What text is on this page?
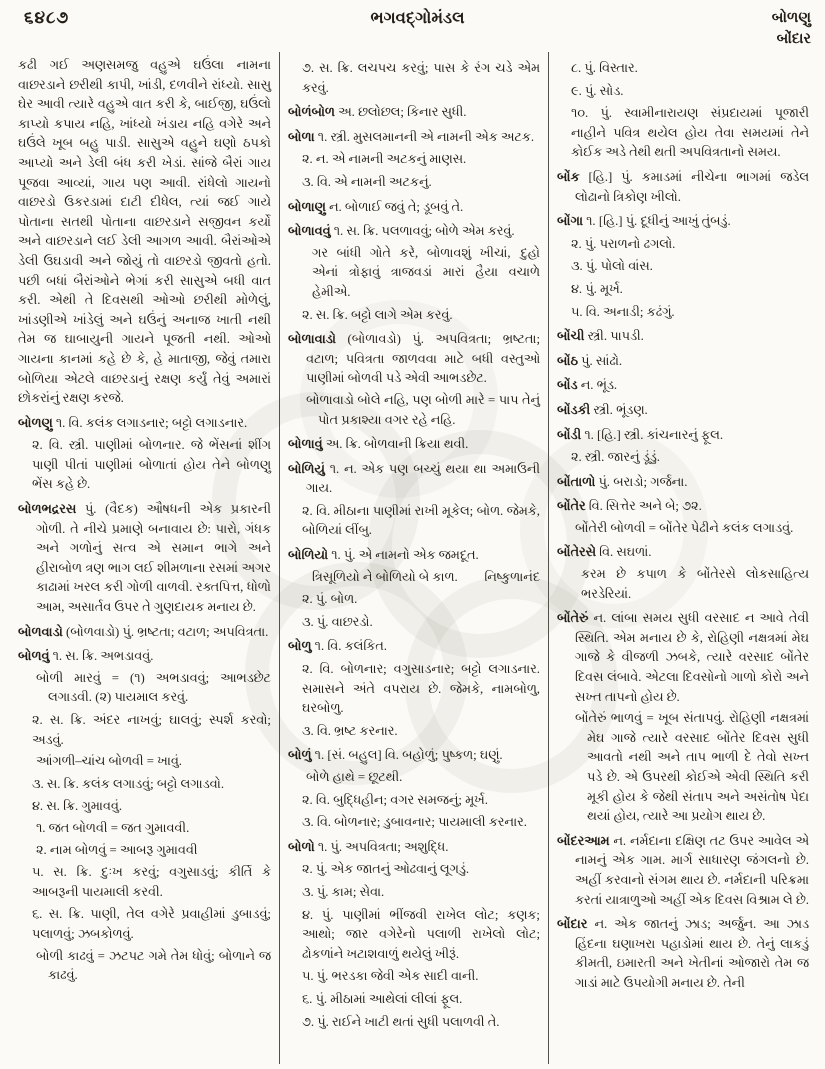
૬૪૮૭	ભગવદ્ગોમંડલ	બોળણુ
બોંદાર

કઢી ગઈ અણસમજુ વહુએ ઘઉંલા નામના વાછરડાને છરીથી કાપી, ખાંડી, દળવીને રાંધ્યો. સાસુ ઘેર આવી ત્યારે વહુએ વાત કરી કે, બાઈજી, ઘઉંલો કાપ્યો કપાય નહિ, ખાંધ્યો ખંડાય નહિ વગેરે અને ઘઉંલે ખૂબ બહુ પાડી. સાસુએ વહુને ઘણો ઠપકો આપ્યો અને ડેલી બંધ કરી ખેડાં. સાંજે બૈરાં ગાય પૂજવા આવ્યાં, ગાય પણ આવી. રાંધેલો ગાયનો વાછરડો ઉકરડામાં દાટી દીધેલ, ત્યાં જઈ ગાયે પોતાના સતથી પોતાના વાછરડાને સજીવન કર્યો અને વાછરડાને લઈ ડેલી આગળ આવી. બૈરાંઓએ ડેલી ઉઘડાવી અને જોયું તો વાછરડો જીવતો હતો. પછી બધાં બૈરાંઓને ભેગાં કરી સાસુએ બધી વાત કરી. એથી તે દિવસથી ઓઓ છરીથી મોળેલું, ખાંડણીએ ખાંડેલું અને ઘઉંનું અનાજ ખાતી નથી તેમ જ ઘાબાયુની ગાયને પૂજતી નથી. ઓઓ ગાયના કાનમાં કહે છે કે, હે માતાજી, જેવું તમારા બોળિયા એટલે વાછરડાનું રક્ષણ કર્યું તેવું અમારાં છોકરાંનું રક્ષણ કરજે.

બોળણુ ૧. વિ. કલંક લગાડનાર; બટ્ટો લગાડનાર.

૨. વિ. સ્ત્રી. પાણીમાં બોળનાર. જે ભેંસનાં શીંગ પાણી પીતાં પાણીમાં બોળાતાં હોય તેને બોળણુ ભેંસ કહે છે.

બોળભદ્રરસ પું. (વૈદક) ઔષધની એક પ્રકારની ગોળી. તે નીચે પ્રમાણે બનાવાય છે: પારો, ગંધક અને ગળોનું સત્વ એ સમાન ભાગે અને હીરાબોળ ત્રણ ભાગ લઈ શીમળાના રસમાં અગર કાઢામાં ખરલ કરી ગોળી વાળવી. રક્તપિત્ત, ધોળો આમ, અસાર્તવ ઉપર તે ગુણદાયક મનાય છે.

બોળવાડો (બોળવાડો) પું. ભ્રષ્ટતા; વટાળ; અપવિત્રતા.

બોળવું ૧. સ. ક્રિ. અભડાવવું.

બોળી મારવું = (૧) અભડાવવું; આભડછેટ લગાડવી. (૨) પાયમાલ કરવું.

૨. સ. ક્રિ. અંદર નાખવું; ઘાલવું; સ્પર્શ કરવો; અડવું.

આંગળી–ચાંચ બોળવી = ખાવું.

૩. સ. ક્રિ. કલંક લગાડવું; બટ્ટો લગાડવો.

૪. સ. ક્રિ. ગુમાવવું.

૧. જત બોળવી = જત ગુમાવવી.

૨. નામ બોળવું = આબરૂ ગુમાવવી

૫. સ. ક્રિ. દુઃખ કરવું; વગુસાડવું; કીર્તિ કે આબરૂની પાયમાલી કરવી.

૬. સ. ક્રિ. પાણી, તેલ વગેરે પ્રવાહીમાં ડુબાડવું; પલાળવું; ઝબકોળવું.

બોળી કાઢવું = ઝટપટ ગમે તેમ ધોવું; બોળાને જ કાઢવું.

૭. સ. ક્રિ. લચપચ કરવું; પાસ કે રંગ ચડે એમ કરવું.

બોળંબોળ અ. છલોછલ; કિનાર સુધી.

બોળા ૧. સ્ત્રી. મુસલમાનની એ નામની એક અટક.

૨. ન. એ નામની અટકનું માણસ.

૩. વિ. એ નામની અટકનું.

બોળાણુ ન. બોળાઈ જવું તે; ડૂબવું તે.

બોળાવવું ૧. સ. ક્રિ. પલળાવવું; બોળે એમ કરવું.

દુહો
ગર બાંધી ગોતે કરે, બોળાવશું ખીચાં, એનાં ત્રોફાવું ત્રાજવડાં મારાં હૈયા વચાળે હેમીએ.

૨. સ. ક્રિ. બટ્ટો લાગે એમ કરવું.

બોળાવાડો (બોળાવડો) પું. અપવિત્રતા; ભ્રષ્ટતા; વટાળ; પવિત્રતા જાળવવા માટે બધી વસ્તુઓ પાણીમાં બોળવી પડે એવી આભડછેટ.

બોળાવાડો બોલે નહિ, પણ બોળી મારે = પાપ તેનું પોત પ્રકાશ્યા વગર રહે નહિ.

બોળાવું અ. ક્રિ. બોળવાની ક્રિયા થવી.

બોળિયું ૧. ન. એક પણ બચ્ચું થયા થા અમાઉની ગાય.

૨. વિ. મીઠાના પાણીમાં રાખી મૂકેલ; બોળ. જેમકે, બોળિયાં લીંબુ.

બોળિયો ૧. પું. એ નામનો એક જમદૂત.

નિષ્કુળાનંદ
ત્રિસૂળિયો ને બોળિયો બે કાળ.

૨. પું. બોળ.

૩. પું. વાછરડો.

બોળુ ૧. વિ. કલંકિત.

૨. વિ. બોળનાર; વગુસાડનાર; બટ્ટો લગાડનાર. સમાસને અંતે વપરાય છે. જેમકે, નામબોળુ, ઘરબોળુ.

૩. વિ. ભ્રષ્ટ કરનાર.

બોળું ૧. [સં. બહુલ] વિ. બહોળું; પુષ્કળ; ઘણું.

બોળે હાથે = છૂટથી.

૨. વિ. બુદ્ધિહીન; વગર સમજનું; મૂર્ખ.

૩. વિ. બોળનાર; ડુબાવનાર; પાયમાલી કરનાર.

બોળો ૧. પું. અપવિત્રતા; અશુદ્ધિ.

૨. પું. એક જાતનું ઓઢવાનું લૂગડું.

૩. પું. કામ; સેવા.

૪. પું. પાણીમાં ભીંજવી રાખેલ લોટ; કણક; આથો; જાર વગેરેનો પલાળી રાખેલો લોટ; ઢોકળાંને ખટાશવાળું થયેલું ખીરૂં.

૫. પું. ભરડકા જેવી એક સાદી વાની.

૬. પું. મીઠામાં આથેલાં લીલાં ફૂલ.

૭. પું. રાઈને ખાટી થતાં સુધી પલાળવી તે.

૮. પું. વિસ્તાર.

૯. પું. સોડ.

૧૦. પું. સ્વામીનારાયણ સંપ્રદાયમાં પૂજારી નાહીને પવિત્ર થયેલ હોય તેવા સમયમાં તેને કોઈક અડે તેથી થતી અપવિત્રતાનો સમય.

બોંક [હિ.] પું. કમાડમાં નીચેના ભાગમાં જડેલ લોઢાનો ત્રિકોણ ખીલો.

બોંગા ૧. [હિ.] પું. દૂધીનું આખું તુંબડું.

૨. પું. પરાળનો ઢગલો.

૩. પું. પોલો વાંસ.

૪. પું. મૂર્ખ.

૫. વિ. અનાડી; કઢંગું.

બોંચી સ્ત્રી. પાપડી.

બોંઠ પું. સાંઢો.

બોંડ ન. ભૂંડ.

બોંડકી સ્ત્રી. ભૂંડણ.

બોંડી ૧. [હિ.] સ્ત્રી. કાંચનારનું ફૂલ.

૨. સ્ત્રી. જારનું ડૂંડું.

બોંતાળો પું. બરાડો; ગર્જના.

બોંતેર વિ. સિત્તેર અને બે; ૭૨.

બોંતેરી બોળવી = બોંતેર પેઢીને કલંક લગાડવું.

બોંતેરસે વિ. સઘળાં.

લોકસાહિત્ય
કરમ છે કપાળ કે બોંતેરસે ભરડેરિયાં.

બોંતેરું ન. લાંબા સમય સુધી વરસાદ ન આવે તેવી સ્થિતિ. એમ મનાય છે કે, રોહિણી નક્ષત્રમાં મેઘ ગાજે કે વીજળી ઝબકે, ત્યારે વરસાદ બોંતેર દિવસ લંબાવે. એટલા દિવસોનો ગાળો કોરો અને સખ્ત તાપનો હોય છે.

બોંતેરું ભાળવું = ખૂબ સંતાપવું. રોહિણી નક્ષત્રમાં મેઘ ગાજે ત્યારે વરસાદ બોંતેર દિવસ સુધી આવતો નથી અને તાપ ભાળી દે તેવો સખ્ત પડે છે. એ ઉપરથી કોઈએ એવી સ્થિતિ કરી મૂકી હોય કે જેથી સંતાપ અને અસંતોષ પેદા થયાં હોય, ત્યારે આ પ્રયોગ થાય છે.

બોંદરઆમ ન. નર્મદાના દક્ષિણ તટ ઉપર આવેલ એ નામનું એક ગામ. માર્ગ સાધારણ જંગલનો છે. અહીં કરવાનો સંગમ થાય છે. નર્મદાની પરિક્રમા કરતાં યાત્રાળુઓ અહીં એક દિવસ વિશ્રામ લે છે.

બોંદાર ન. એક જાતનું ઝાડ; અર્જુન. આ ઝાડ હિંદના ઘણાખરા પહાડોમાં થાય છે. તેનું લાકડું કીમતી, ઇમારતી અને ખેતીનાં ઓજારો તેમ જ ગાડાં માટે ઉપયોગી મનાય છે. તેની
